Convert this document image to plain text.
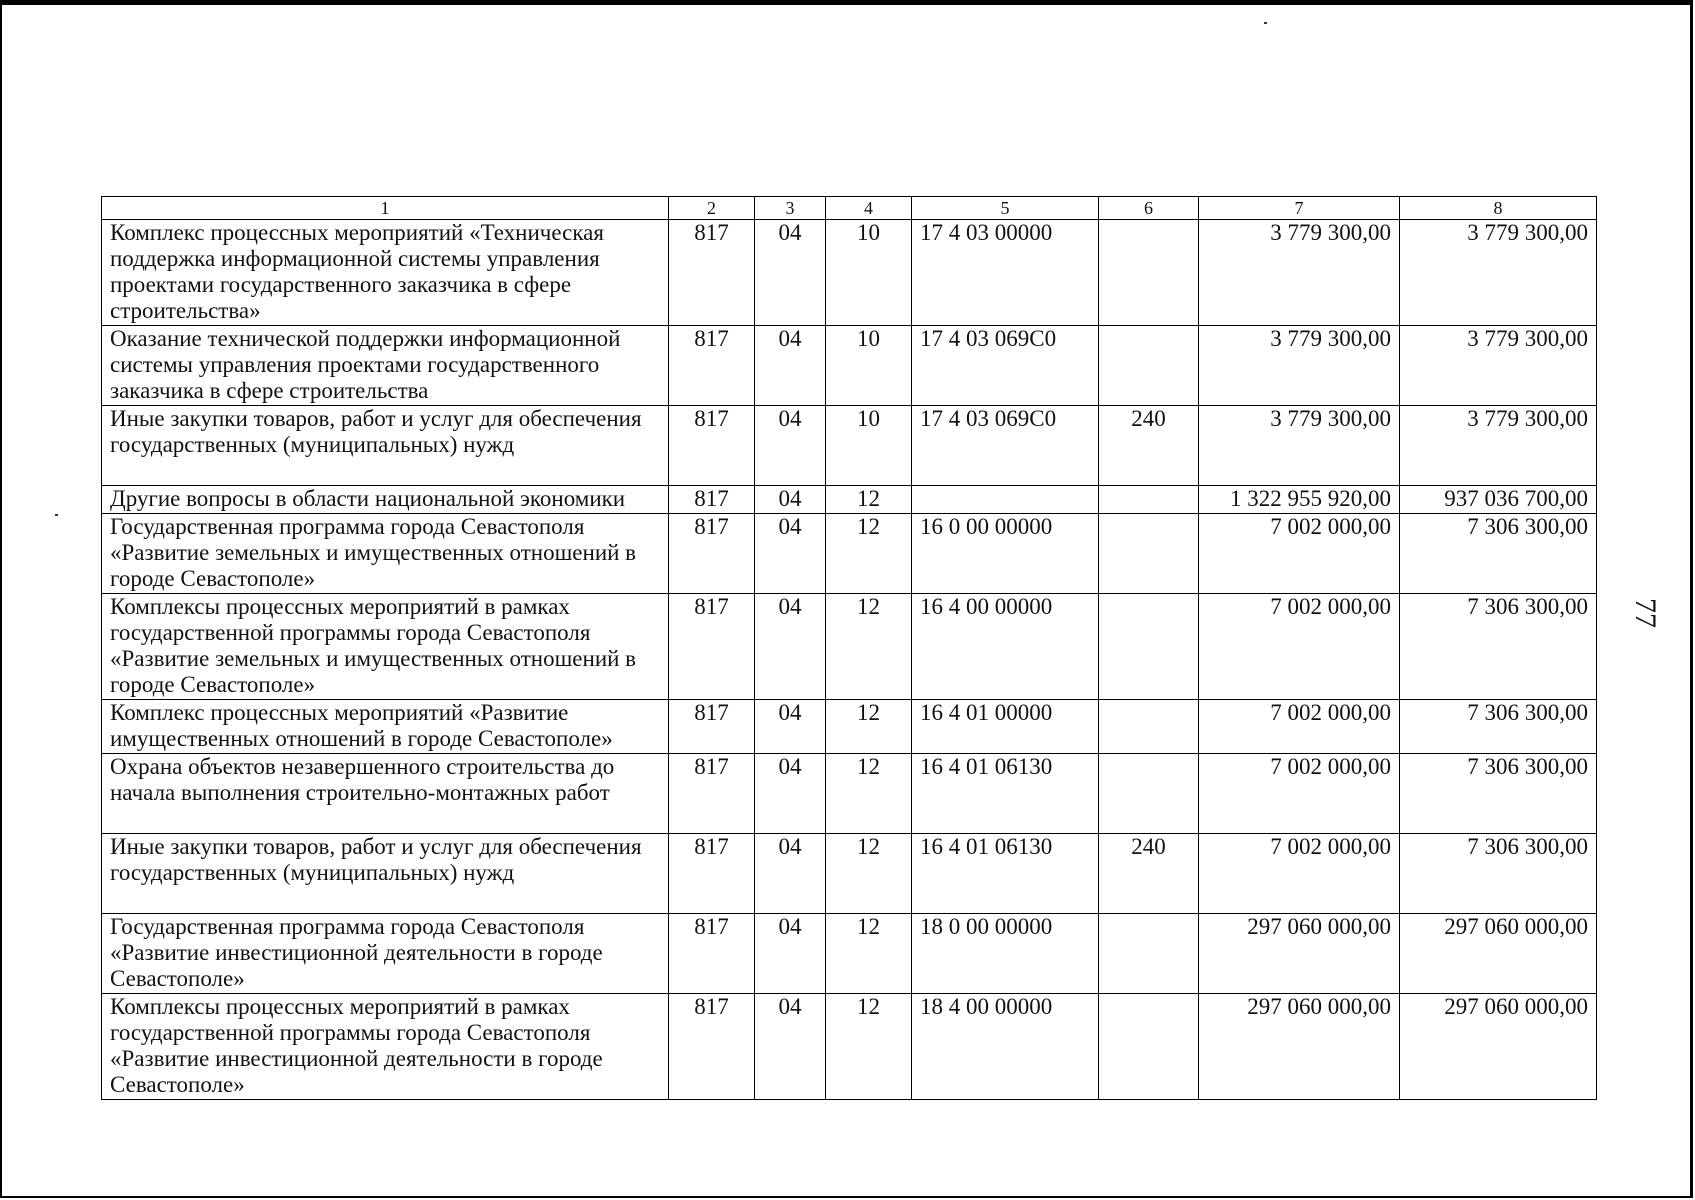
1	2	3	4	5	6	7	8
Комплекс процессных мероприятий «Техническая поддержка информационной системы управления проектами государственного заказчика в сфере строительства»	817	04	10	17 4 03 00000		3 779 300,00	3 779 300,00
Оказание технической поддержки информационной системы управления проектами государственного заказчика в сфере строительства	817	04	10	17 4 03 069С0		3 779 300,00	3 779 300,00
Иные закупки товаров, работ и услуг для обеспечения государственных (муниципальных) нужд	817	04	10	17 4 03 069С0	240	3 779 300,00	3 779 300,00
Другие вопросы в области национальной экономики	817	04	12			1 322 955 920,00	937 036 700,00
Государственная программа города Севастополя «Развитие земельных и имущественных отношений в городе Севастополе»	817	04	12	16 0 00 00000		7 002 000,00	7 306 300,00
Комплексы процессных мероприятий в рамках государственной программы города Севастополя «Развитие земельных и имущественных отношений в городе Севастополе»	817	04	12	16 4 00 00000		7 002 000,00	7 306 300,00
Комплекс процессных мероприятий «Развитие имущественных отношений в городе Севастополе»	817	04	12	16 4 01 00000		7 002 000,00	7 306 300,00
Охрана объектов незавершенного строительства до начала выполнения строительно-монтажных работ	817	04	12	16 4 01 06130		7 002 000,00	7 306 300,00
Иные закупки товаров, работ и услуг для обеспечения государственных (муниципальных) нужд	817	04	12	16 4 01 06130	240	7 002 000,00	7 306 300,00
Государственная программа города Севастополя «Развитие инвестиционной деятельности в городе Севастополе»	817	04	12	18 0 00 00000		297 060 000,00	297 060 000,00
Комплексы процессных мероприятий в рамках государственной программы города Севастополя «Развитие инвестиционной деятельности в городе Севастополе»	817	04	12	18 4 00 00000		297 060 000,00	297 060 000,00
77
